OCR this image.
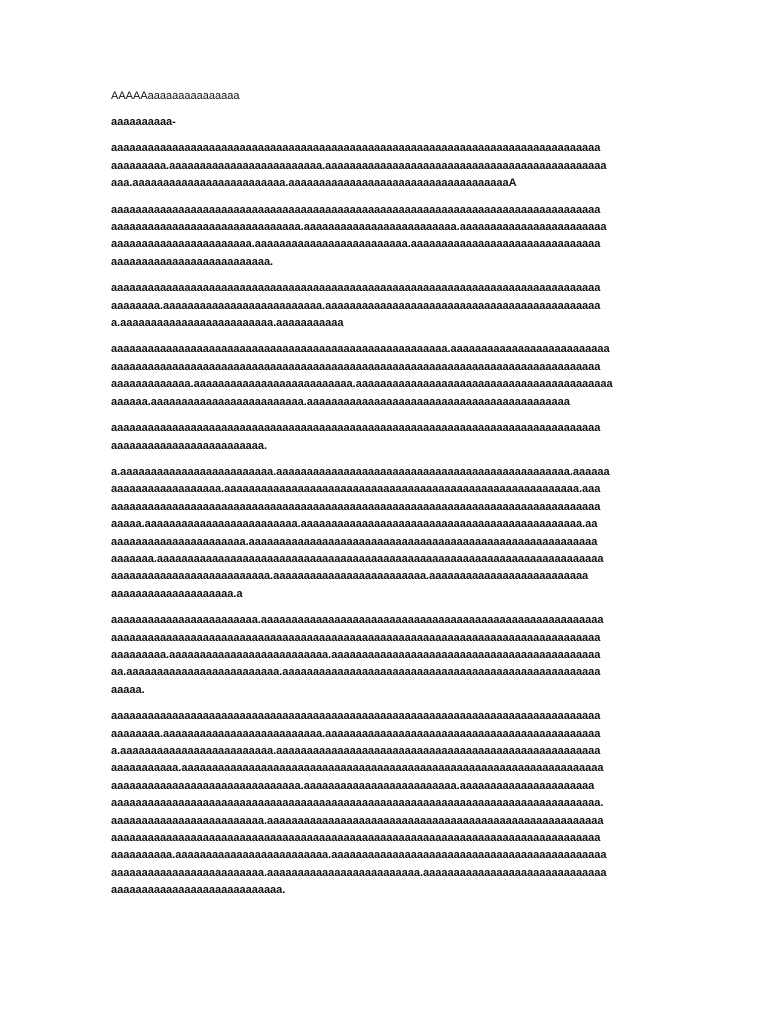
AAAAAaaaaaaaaaaaaaaa
aaaaaaaaaa-
aaaaaaaaaaaaaaaaaaaaaaaaaaaaaaaaaaaaaaaaaaaaaaaaaaaaaaaaaaaaaaaaaaaaaaaaaaaaaaaa
aaaaaaaaa.aaaaaaaaaaaaaaaaaaaaaaaaa.aaaaaaaaaaaaaaaaaaaaaaaaaaaaaaaaaaaaaaaaaaaaaa
aaa.aaaaaaaaaaaaaaaaaaaaaaaaa.aaaaaaaaaaaaaaaaaaaaaaaaaaaaaaaaaaaaA
aaaaaaaaaaaaaaaaaaaaaaaaaaaaaaaaaaaaaaaaaaaaaaaaaaaaaaaaaaaaaaaaaaaaaaaaaaaaaaaa
aaaaaaaaaaaaaaaaaaaaaaaaaaaaaaa.aaaaaaaaaaaaaaaaaaaaaaaaa.aaaaaaaaaaaaaaaaaaaaaaaa
aaaaaaaaaaaaaaaaaaaaaaa.aaaaaaaaaaaaaaaaaaaaaaaaa.aaaaaaaaaaaaaaaaaaaaaaaaaaaaaaa
aaaaaaaaaaaaaaaaaaaaaaaaaa.
aaaaaaaaaaaaaaaaaaaaaaaaaaaaaaaaaaaaaaaaaaaaaaaaaaaaaaaaaaaaaaaaaaaaaaaaaaaaaaaa
aaaaaaaa.aaaaaaaaaaaaaaaaaaaaaaaaaa.aaaaaaaaaaaaaaaaaaaaaaaaaaaaaaaaaaaaaaaaaaaaa
a.aaaaaaaaaaaaaaaaaaaaaaaaa.aaaaaaaaaaa
aaaaaaaaaaaaaaaaaaaaaaaaaaaaaaaaaaaaaaaaaaaaaaaaaaaaaaa.aaaaaaaaaaaaaaaaaaaaaaaaaa
aaaaaaaaaaaaaaaaaaaaaaaaaaaaaaaaaaaaaaaaaaaaaaaaaaaaaaaaaaaaaaaaaaaaaaaaaaaaaaaa
aaaaaaaaaaaaa.aaaaaaaaaaaaaaaaaaaaaaaaaa.aaaaaaaaaaaaaaaaaaaaaaaaaaaaaaaaaaaaaaaaaa
aaaaaa.aaaaaaaaaaaaaaaaaaaaaaaaa.aaaaaaaaaaaaaaaaaaaaaaaaaaaaaaaaaaaaaaaaaaa
aaaaaaaaaaaaaaaaaaaaaaaaaaaaaaaaaaaaaaaaaaaaaaaaaaaaaaaaaaaaaaaaaaaaaaaaaaaaaaaa
aaaaaaaaaaaaaaaaaaaaaaaaa.
a.aaaaaaaaaaaaaaaaaaaaaaaaa.aaaaaaaaaaaaaaaaaaaaaaaaaaaaaaaaaaaaaaaaaaaaaaaa.aaaaaa
aaaaaaaaaaaaaaaaaa.aaaaaaaaaaaaaaaaaaaaaaaaaaaaaaaaaaaaaaaaaaaaaaaaaaaaaaaaaa.aaa
aaaaaaaaaaaaaaaaaaaaaaaaaaaaaaaaaaaaaaaaaaaaaaaaaaaaaaaaaaaaaaaaaaaaaaaaaaaaaaaa
aaaaa.aaaaaaaaaaaaaaaaaaaaaaaaa.aaaaaaaaaaaaaaaaaaaaaaaaaaaaaaaaaaaaaaaaaaaaaa.aa
aaaaaaaaaaaaaaaaaaaaaa.aaaaaaaaaaaaaaaaaaaaaaaaaaaaaaaaaaaaaaaaaaaaaaaaaaaaaaaaa
aaaaaaa.aaaaaaaaaaaaaaaaaaaaaaaaaaaaaaaaaaaaaaaaaaaaaaaaaaaaaaaaaaaaaaaaaaaaaaaaa
aaaaaaaaaaaaaaaaaaaaaaaaaa.aaaaaaaaaaaaaaaaaaaaaaaaa.aaaaaaaaaaaaaaaaaaaaaaaaaa
aaaaaaaaaaaaaaaaaaaa.a
aaaaaaaaaaaaaaaaaaaaaaaa.aaaaaaaaaaaaaaaaaaaaaaaaaaaaaaaaaaaaaaaaaaaaaaaaaaaaaaaa
aaaaaaaaaaaaaaaaaaaaaaaaaaaaaaaaaaaaaaaaaaaaaaaaaaaaaaaaaaaaaaaaaaaaaaaaaaaaaaaa
aaaaaaaaa.aaaaaaaaaaaaaaaaaaaaaaaaaa.aaaaaaaaaaaaaaaaaaaaaaaaaaaaaaaaaaaaaaaaaaaa
aa.aaaaaaaaaaaaaaaaaaaaaaaaa.aaaaaaaaaaaaaaaaaaaaaaaaaaaaaaaaaaaaaaaaaaaaaaaaaaaa
aaaaa.
aaaaaaaaaaaaaaaaaaaaaaaaaaaaaaaaaaaaaaaaaaaaaaaaaaaaaaaaaaaaaaaaaaaaaaaaaaaaaaaa
aaaaaaaa.aaaaaaaaaaaaaaaaaaaaaaaaaa.aaaaaaaaaaaaaaaaaaaaaaaaaaaaaaaaaaaaaaaaaaaaa
a.aaaaaaaaaaaaaaaaaaaaaaaaa.aaaaaaaaaaaaaaaaaaaaaaaaaaaaaaaaaaaaaaaaaaaaaaaaaaaaa
aaaaaaaaaaa.aaaaaaaaaaaaaaaaaaaaaaaaaaaaaaaaaaaaaaaaaaaaaaaaaaaaaaaaaaaaaaaaaaaaa
aaaaaaaaaaaaaaaaaaaaaaaaaaaaaaa.aaaaaaaaaaaaaaaaaaaaaaaaa.aaaaaaaaaaaaaaaaaaaaaa
aaaaaaaaaaaaaaaaaaaaaaaaaaaaaaaaaaaaaaaaaaaaaaaaaaaaaaaaaaaaaaaaaaaaaaaaaaaaaaaa.
aaaaaaaaaaaaaaaaaaaaaaaaa.aaaaaaaaaaaaaaaaaaaaaaaaaaaaaaaaaaaaaaaaaaaaaaaaaaaaaaa
aaaaaaaaaaaaaaaaaaaaaaaaaaaaaaaaaaaaaaaaaaaaaaaaaaaaaaaaaaaaaaaaaaaaaaaaaaaaaaaa
aaaaaaaaaa.aaaaaaaaaaaaaaaaaaaaaaaaa.aaaaaaaaaaaaaaaaaaaaaaaaaaaaaaaaaaaaaaaaaaaaa
aaaaaaaaaaaaaaaaaaaaaaaaa.aaaaaaaaaaaaaaaaaaaaaaaaa.aaaaaaaaaaaaaaaaaaaaaaaaaaaaaa
aaaaaaaaaaaaaaaaaaaaaaaaaaaa.
